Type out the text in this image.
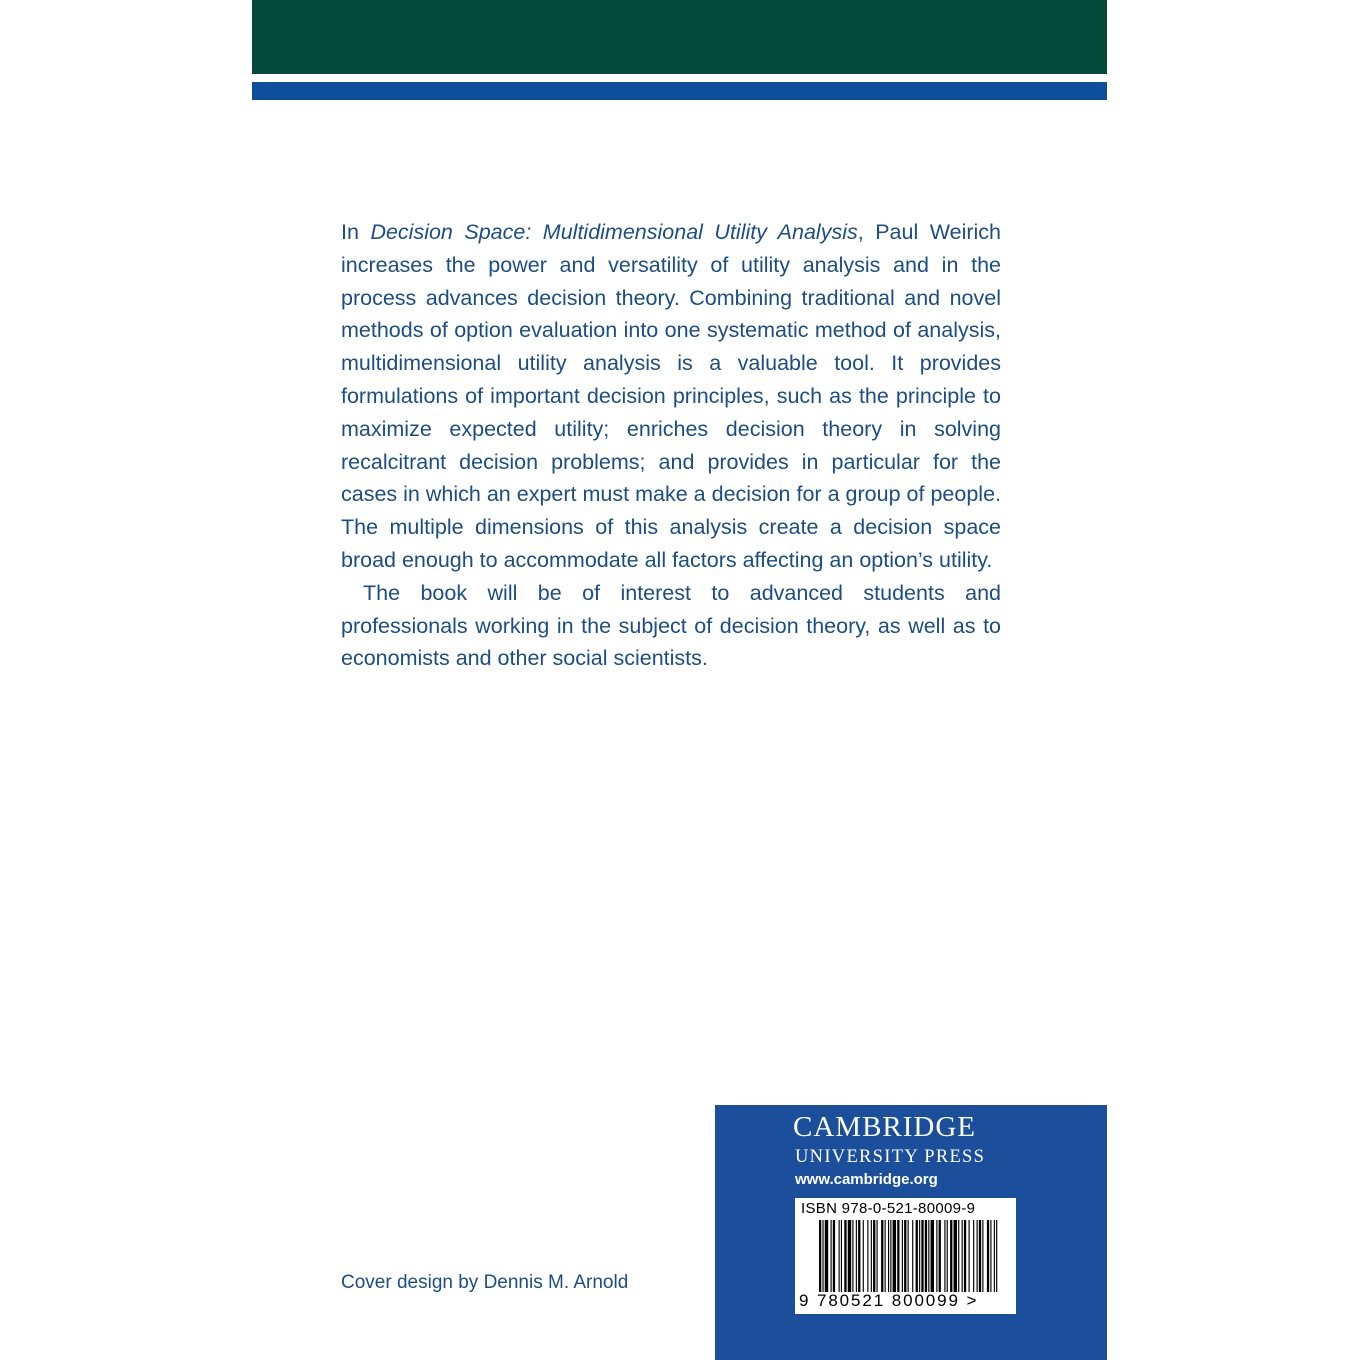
In Decision Space: Multidimensional Utility Analysis, Paul Weirich increases the power and versatility of utility analysis and in the process advances decision theory. Combining traditional and novel methods of option evaluation into one systematic method of analysis, multidimensional utility analysis is a valuable tool. It provides formulations of important decision principles, such as the principle to maximize expected utility; enriches decision theory in solving recalcitrant decision problems; and provides in particular for the cases in which an expert must make a decision for a group of people. The multiple dimensions of this analysis create a decision space broad enough to accommodate all factors affecting an option’s utility.

The book will be of interest to advanced students and professionals working in the subject of decision theory, as well as to economists and other social scientists.

Cover design by Dennis M. Arnold
CAMBRIDGE
UNIVERSITY PRESS
www.cambridge.org
ISBN 978-0-521-80009-9
9 780521 800099 >
